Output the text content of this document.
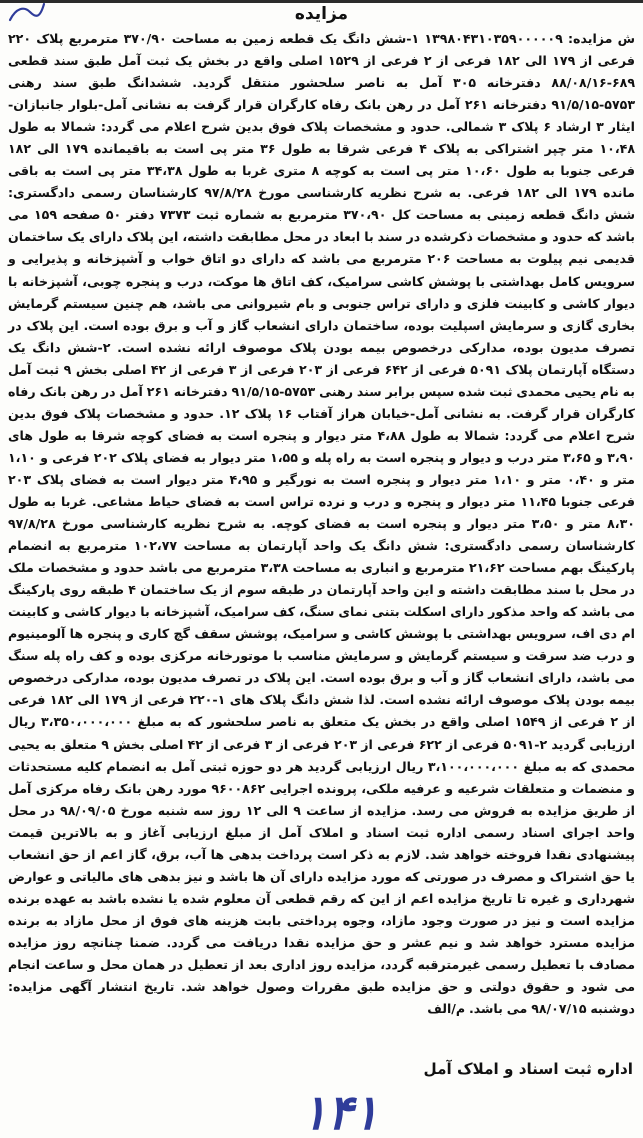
مزایده

ش مزایده: ۱۳۹۸۰۴۳۱۰۳۵۹۰۰۰۰۰۹ ۱-شش دانگ یک قطعه زمین به مساحت ۳۷۰/۹۰ مترمربع پلاک ۲۲۰ فرعی از ۱۷۹ الی ۱۸۲ فرعی از ۲ فرعی از ۱۵۲۹ اصلی واقع در بخش یک ثبت آمل طبق سند قطعی ۶۸۹-۸۸/۰۸/۱۶ دفترخانه ۳۰۵ آمل به ناصر سلحشور منتقل گردید. ششدانگ طبق سند رهنی ۵۷۵۳-۹۱/۵/۱۵ دفترخانه ۲۶۱ آمل در رهن بانک رفاه کارگران قرار گرفت به نشانی آمل-بلوار جانبازان-ایثار ۳ ارشاد ۶ پلاک ۳ شمالی. حدود و مشخصات پلاک فوق بدین شرح اعلام می گردد: شمالا به طول ۱۰،۴۸ متر چپر اشتراکی به پلاک ۴ فرعی شرقا به طول ۳۶ متر پی است به باقیمانده ۱۷۹ الی ۱۸۲ فرعی جنوبا به طول ۱۰،۶۰ متر پی است به کوچه ۸ متری غربا به طول ۳۴،۳۸ متر پی است به باقی مانده ۱۷۹ الی ۱۸۲ فرعی. به شرح نظریه کارشناسی مورخ ۹۷/۸/۲۸ کارشناسان رسمی دادگستری: شش دانگ قطعه زمینی به مساحت کل ۳۷۰،۹۰ مترمربع به شماره ثبت ۷۳۷۳ دفتر ۵۰ صفحه ۱۵۹ می باشد که حدود و مشخصات ذکرشده در سند با ابعاد در محل مطابقت داشته، این پلاک دارای یک ساختمان قدیمی نیم پیلوت به مساحت ۲۰۶ مترمربع می باشد که دارای دو اتاق خواب و آشپزخانه و پذیرایی و سرویس کامل بهداشتی با پوشش کاشی سرامیک، کف اتاق ها موکت، درب و پنجره چوبی، آشپزخانه با دیوار کاشی و کابینت فلزی و دارای تراس جنوبی و بام شیروانی می باشد، هم چنین سیستم گرمایش بخاری گازی و سرمایش اسپلیت بوده، ساختمان دارای انشعاب گاز و آب و برق بوده است. این پلاک در تصرف مدیون بوده، مدارکی درخصوص بیمه بودن پلاک موصوف ارائه نشده است. ۲-شش دانگ یک دستگاه آپارتمان پلاک ۵۰۹۱ فرعی از ۶۴۲ فرعی از ۲۰۳ فرعی از ۳ فرعی از ۴۲ اصلی بخش ۹ ثبت آمل به نام یحیی محمدی ثبت شده سپس برابر سند رهنی ۵۷۵۳-۹۱/۵/۱۵ دفترخانه ۲۶۱ آمل در رهن بانک رفاه کارگران قرار گرفت. به نشانی آمل-خیابان هراز آفتاب ۱۶ پلاک ۱۲. حدود و مشخصات پلاک فوق بدین شرح اعلام می گردد: شمالا به طول ۴،۸۸ متر دیوار و پنجره است به فضای کوچه شرقا به طول های ۳،۹۰ و ۳،۶۵ متر درب و دیوار و پنجره است به راه پله و ۱،۵۵ متر دیوار به فضای پلاک ۲۰۲ فرعی و ۱،۱۰ متر و ۰،۴۰ متر و ۱،۱۰ متر دیوار و پنجره است به نورگیر و ۴،۹۵ متر دیوار است به فضای پلاک ۲۰۳ فرعی جنوبا ۱۱،۴۵ متر دیوار و پنجره و درب و نرده تراس است به فضای حیاط مشاعی. غربا به طول ۸،۳۰ متر و ۳،۵۰ متر دیوار و پنجره است به فضای کوچه. به شرح نظریه کارشناسی مورخ ۹۷/۸/۲۸ کارشناسان رسمی دادگستری: شش دانگ یک واحد آپارتمان به مساحت ۱۰۲،۷۷ مترمربع به انضمام پارکینگ بهم مساحت ۲۱،۶۲ مترمربع و انباری به مساحت ۳،۳۸ مترمربع می باشد حدود و مشخصات ملک در محل با سند مطابقت داشته و این واحد آپارتمان در طبقه سوم از یک ساختمان ۴ طبقه روی پارکینگ می باشد که واحد مذکور دارای اسکلت بتنی نمای سنگ، کف سرامیک، آشپزخانه با دیوار کاشی و کابینت ام دی اف، سرویس بهداشتی با پوشش کاشی و سرامیک، پوشش سقف گچ کاری و پنجره ها آلومینیوم و درب ضد سرقت و سیستم گرمایش و سرمایش مناسب با موتورخانه مرکزی بوده و کف راه پله سنگ می باشد، دارای انشعاب گاز و آب و برق بوده است. این پلاک در تصرف مدیون بوده، مدارکی درخصوص بیمه بودن پلاک موصوف ارائه نشده است. لذا شش دانگ پلاک های ۱-۲۲۰ فرعی از ۱۷۹ الی ۱۸۲ فرعی از ۲ فرعی از ۱۵۴۹ اصلی واقع در بخش یک متعلق به ناصر سلحشور که به مبلغ ۳،۳۵۰،۰۰۰،۰۰۰ ریال ارزیابی گردید ۲-۵۰۹۱ فرعی از ۶۲۲ فرعی از ۲۰۳ فرعی از ۳ فرعی از ۴۲ اصلی بخش ۹ متعلق به یحیی محمدی که به مبلغ ۳،۱۰۰،۰۰۰،۰۰۰ ریال ارزیابی گردید هر دو حوزه ثبتی آمل به انضمام کلیه مستحدثات و منضمات و متعلقات شرعیه و عرفیه ملکی، پرونده اجرایی ۹۶۰۰۸۶۲ مورد رهن بانک رفاه مرکزی آمل از طریق مزایده به فروش می رسد. مزایده از ساعت ۹ الی ۱۲ روز سه شنبه مورخ ۹۸/۰۹/۰۵ در محل واحد اجرای اسناد رسمی اداره ثبت اسناد و املاک آمل از مبلغ ارزیابی آغاز و به بالاترین قیمت پیشنهادی نقدا فروخته خواهد شد. لازم به ذکر است پرداخت بدهی ها آب، برق، گاز اعم از حق انشعاب یا حق اشتراک و مصرف در صورتی که مورد مزایده دارای آن ها باشد و نیز بدهی های مالیاتی و عوارض شهرداری و غیره تا تاریخ مزایده اعم از این که رقم قطعی آن معلوم شده یا نشده باشد به عهده برنده مزایده است و نیز در صورت وجود مازاد، وجوه پرداختی بابت هزینه های فوق از محل مازاد به برنده مزایده مسترد خواهد شد و نیم عشر و حق مزایده نقدا دریافت می گردد. ضمنا چنانچه روز مزایده مصادف با تعطیل رسمی غیرمترقبه گردد، مزایده روز اداری بعد از تعطیل در همان محل و ساعت انجام می شود و حقوق دولتی و حق مزایده طبق مقررات وصول خواهد شد. تاریخ انتشار آگهی مزایده: دوشنبه ۹۸/۰۷/۱۵ می باشد. م/الف

اداره ثبت اسناد و املاک آمل
۱۴۱
